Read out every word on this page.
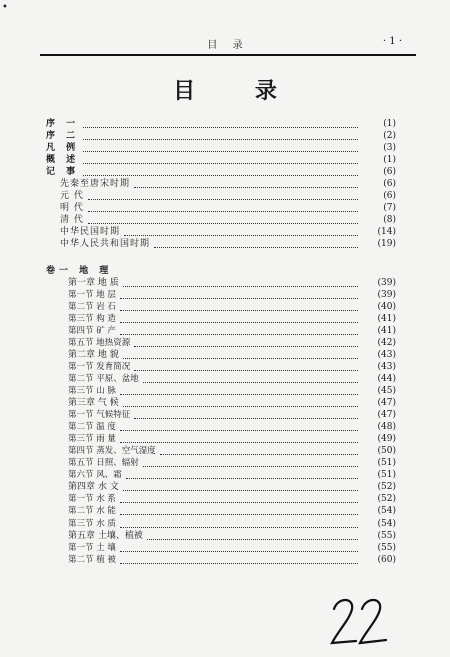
•
目 录	· 1 ·
目 录
序 一	(1)
序 二	(2)
凡 例	(3)
概 述	(1)
记 事	(6)
先秦至唐宋时期	(6)
元 代	(6)
明 代	(7)
清 代	(8)
中华民国时期	(14)
中华人民共和国时期	(19)
卷一 地 理
第一章 地 质	(39)
第一节 地 层	(39)
第二节 岩 石	(40)
第三节 构 造	(41)
第四节 矿 产	(41)
第五节 地热资源	(42)
第二章 地 貌	(43)
第一节 发育简况	(43)
第二节 平原、盆地	(44)
第三节 山 脉	(45)
第三章 气 候	(47)
第一节 气候特征	(47)
第二节 温 度	(48)
第三节 雨 量	(49)
第四节 蒸发、空气湿度	(50)
第五节 日照、辐射	(51)
第六节 风、霜	(51)
第四章 水 文	(52)
第一节 水 系	(52)
第二节 水 能	(54)
第三节 水 质	(54)
第五章 土壤、植被	(55)
第一节 土 壤	(55)
第二节 植 被	(60)
